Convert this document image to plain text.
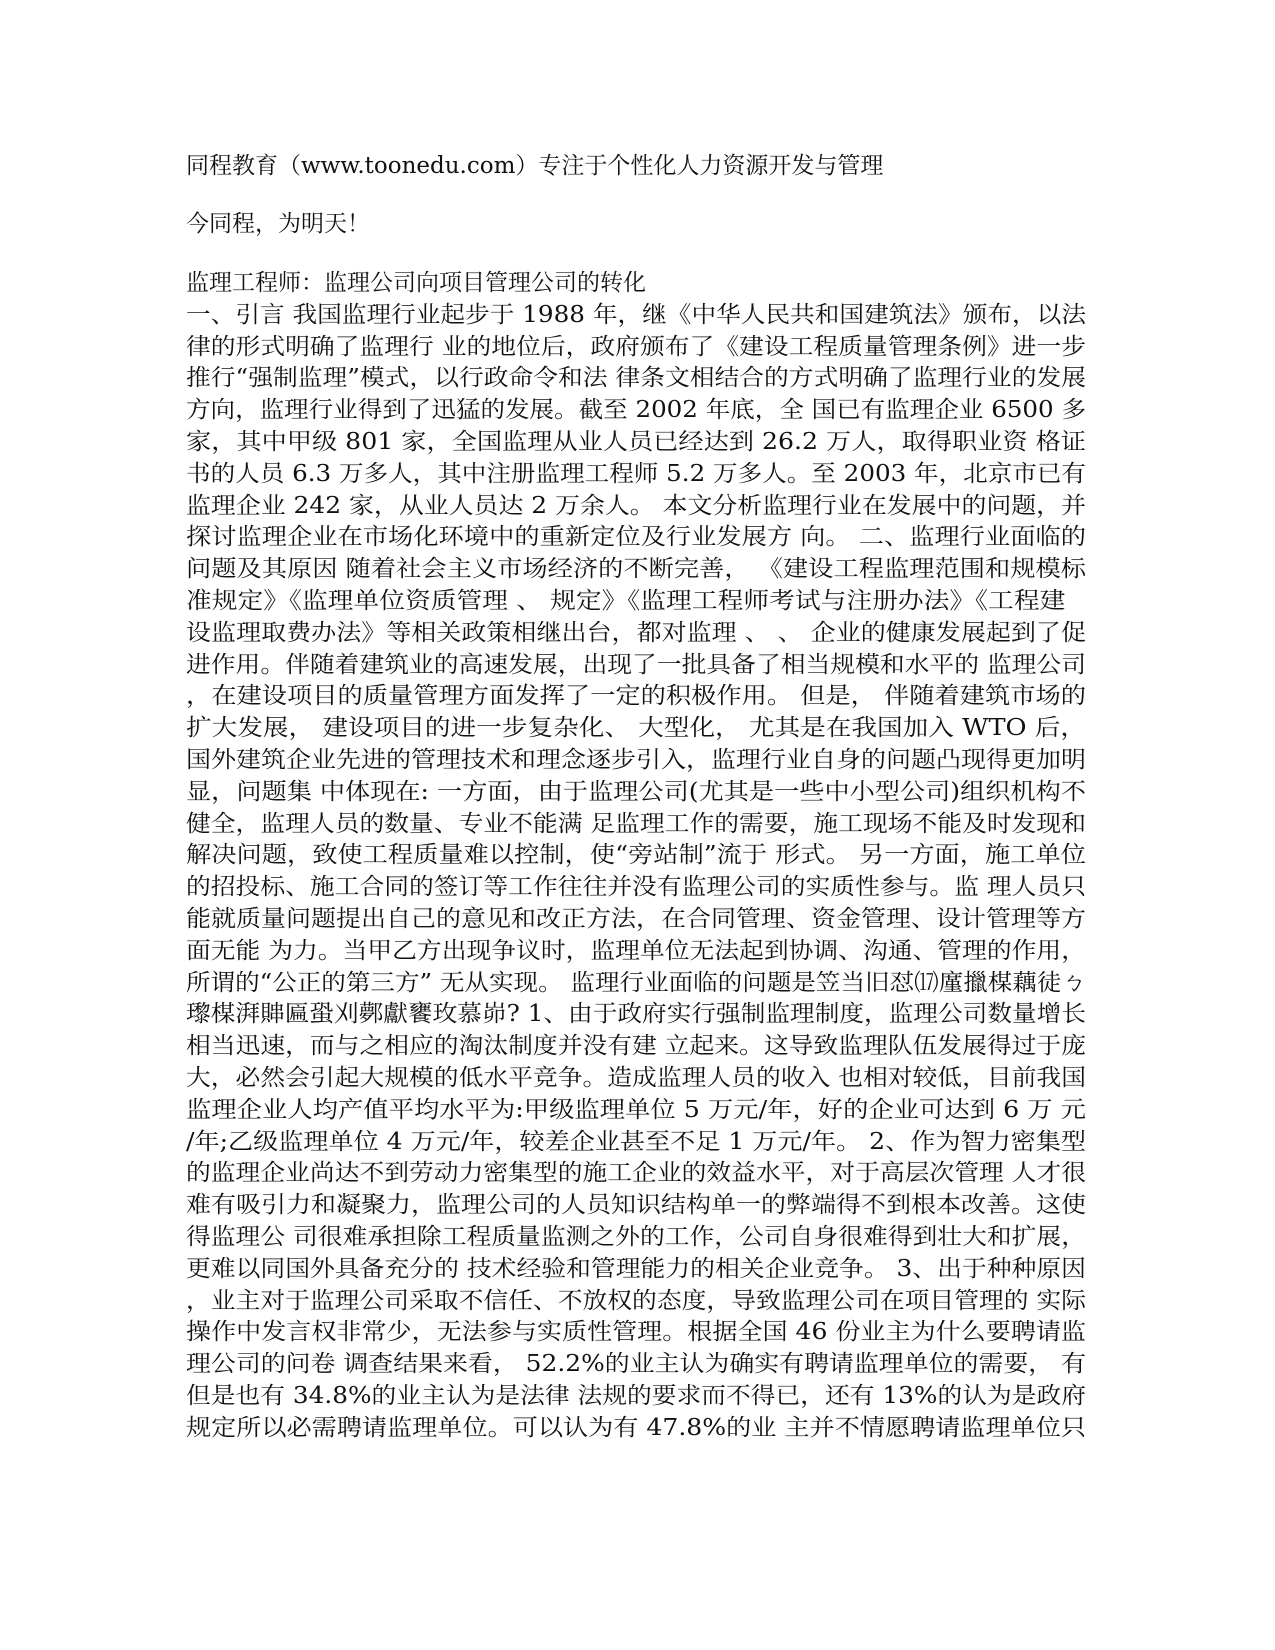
同程教育（www.toonedu.com）专注于个性化人力资源开发与管理
今同程，为明天！
监理工程师：监理公司向项目管理公司的转化
一、引言 我国监理行业起步于 1988 年，继《中华人民共和国建筑法》颁布，以法
律的形式明确了监理行 业的地位后，政府颁布了《建设工程质量管理条例》进一步
推行“强制监理”模式，以行政命令和法 律条文相结合的方式明确了监理行业的发展
方向，监理行业得到了迅猛的发展。截至 2002 年底，全 国已有监理企业 6500 多
家，其中甲级 801 家，全国监理从业人员已经达到 26.2 万人，取得职业资 格证
书的人员 6.3 万多人，其中注册监理工程师 5.2 万多人。至 2003 年，北京市已有
监理企业 242 家，从业人员达 2 万余人。 本文分析监理行业在发展中的问题，并
探讨监理企业在市场化环境中的重新定位及行业发展方 向。 二、监理行业面临的
问题及其原因 随着社会主义市场经济的不断完善， 《建设工程监理范围和规模标
准规定》《监理单位资质管理 、 规定》《监理工程师考试与注册办法》《工程建
设监理取费办法》等相关政策相继出台，都对监理 、 、 企业的健康发展起到了促
进作用。伴随着建筑业的高速发展，出现了一批具备了相当规模和水平的 监理公司
，在建设项目的质量管理方面发挥了一定的积极作用。 但是， 伴随着建筑市场的
扩大发展， 建设项目的进一步复杂化、 大型化， 尤其是在我国加入 WTO 后，
国外建筑企业先进的管理技术和理念逐步引入，监理行业自身的问题凸现得更加明
显，问题集 中体现在: 一方面，由于监理公司(尤其是一些中小型公司)组织机构不
健全，监理人员的数量、专业不能满 足监理工作的需要，施工现场不能及时发现和
解决问题，致使工程质量难以控制，使“旁站制”流于 形式。 另一方面，施工单位
的招投标、施工合同的签订等工作往往并没有监理公司的实质性参与。监 理人员只
能就质量问题提出自己的意见和改正方法，在合同管理、资金管理、设计管理等方
面无能 为力。当甲乙方出现争议时，监理单位无法起到协调、沟通、管理的作用，
所谓的“公正的第三方” 无从实现。 监理行业面临的问题是笠当旧怼⒄廑擸楳藕徒ㄅ
瓈楳湃賗匾蛩刈鄸獻饔玫慕峁? 1、由于政府实行强制监理制度，监理公司数量增长
相当迅速，而与之相应的淘汰制度并没有建 立起来。这导致监理队伍发展得过于庞
大，必然会引起大规模的低水平竞争。造成监理人员的收入 也相对较低，目前我国
监理企业人均产值平均水平为:甲级监理单位 5 万元/年，好的企业可达到 6 万 元
/年;乙级监理单位 4 万元/年，较差企业甚至不足 1 万元/年。 2、作为智力密集型
的监理企业尚达不到劳动力密集型的施工企业的效益水平，对于高层次管理 人才很
难有吸引力和凝聚力，监理公司的人员知识结构单一的弊端得不到根本改善。这使
得监理公 司很难承担除工程质量监测之外的工作，公司自身很难得到壮大和扩展，
更难以同国外具备充分的 技术经验和管理能力的相关企业竞争。 3、出于种种原因
，业主对于监理公司采取不信任、不放权的态度，导致监理公司在项目管理的 实际
操作中发言权非常少，无法参与实质性管理。根据全国 46 份业主为什么要聘请监
理公司的问卷 调查结果来看， 52.2%的业主认为确实有聘请监理单位的需要， 有
但是也有 34.8%的业主认为是法律 法规的要求而不得已，还有 13%的认为是政府
规定所以必需聘请监理单位。可以认为有 47.8%的业 主并不情愿聘请监理单位只
